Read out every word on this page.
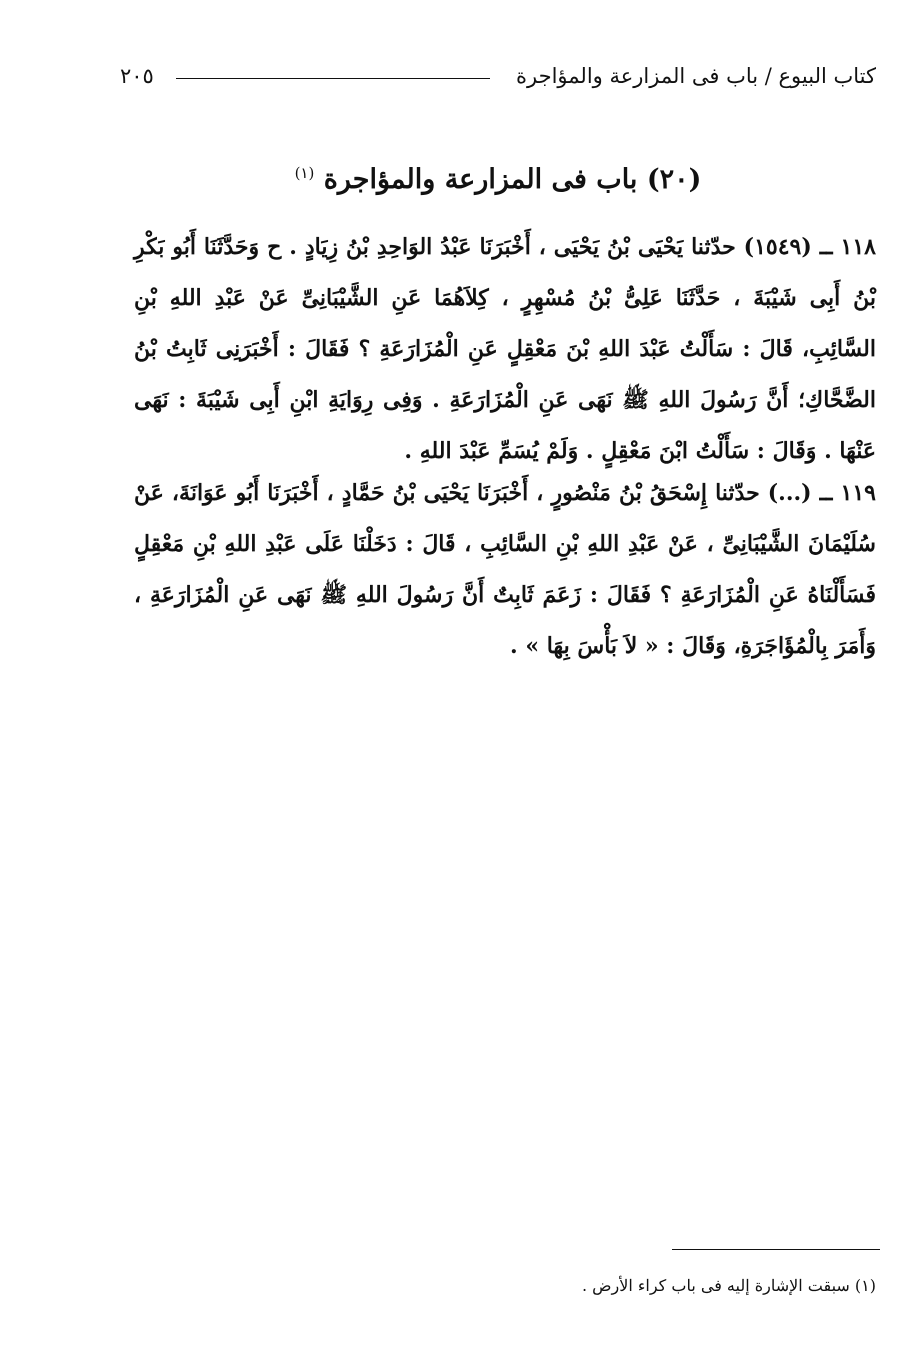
كتاب البيوع / باب فى المزارعة والمؤاجرة
٢٠٥
(٢٠) باب فى المزارعة والمؤاجرة $^{(١)}$

١١٨ ــ (١٥٤٩) حدّثنا يَحْيَى بْنُ يَحْيَى ، أَخْبَرَنَا عَبْدُ الوَاحِدِ بْنُ زِيَادٍ . ح وَحَدَّثَنَا أَبُو بَكْرِ بْنُ أَبِى شَيْبَةَ ، حَدَّثَنَا عَلِىُّ بْنُ مُسْهِرٍ ، كِلاَهُمَا عَنِ الشَّيْبَانِىِّ عَنْ عَبْدِ اللهِ بْنِ السَّائِبِ، قَالَ : سَأَلْتُ عَبْدَ اللهِ بْنَ مَعْقِلٍ عَنِ الْمُزَارَعَةِ ؟ فَقَالَ : أَخْبَرَنِى ثَابِتُ بْنُ الضَّحَّاكِ؛ أَنَّ رَسُولَ اللهِ ﷺ نَهَى عَنِ الْمُزَارَعَةِ . وَفِى رِوَايَةِ ابْنِ أَبِى شَيْبَةَ : نَهَى عَنْهَا . وَقَالَ : سَأَلْتُ ابْنَ مَعْقِلٍ . وَلَمْ يُسَمِّ عَبْدَ اللهِ .

١١٩ ــ (...) حدّثنا إِسْحَقُ بْنُ مَنْصُورٍ ، أَخْبَرَنَا يَحْيَى بْنُ حَمَّادٍ ، أَخْبَرَنَا أَبُو عَوَانَةَ، عَنْ سُلَيْمَانَ الشَّيْبَانِىِّ ، عَنْ عَبْدِ اللهِ بْنِ السَّائِبِ ، قَالَ : دَخَلْنَا عَلَى عَبْدِ اللهِ بْنِ مَعْقِلٍ فَسَأَلْنَاهُ عَنِ الْمُزَارَعَةِ ؟ فَقَالَ : زَعَمَ ثَابِتٌ أَنَّ رَسُولَ اللهِ ﷺ نَهَى عَنِ الْمُزَارَعَةِ ، وَأَمَرَ بِالْمُؤَاجَرَةِ، وَقَالَ : « لاَ بَأْسَ بِهَا » .

(١) سبقت الإشارة إليه فى باب كراء الأرض .
